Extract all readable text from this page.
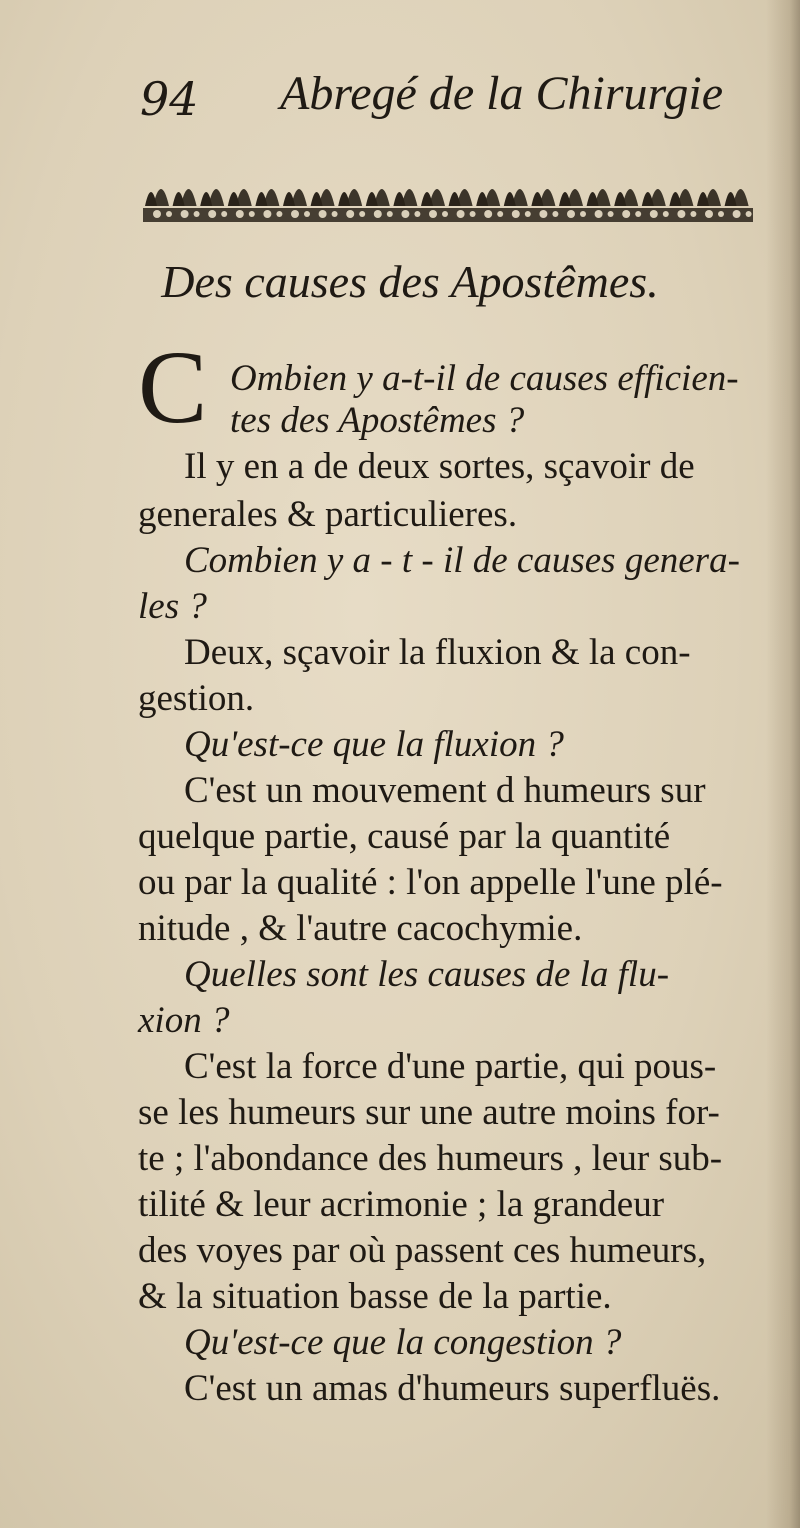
94 Abregé de la Chirurgie
Des causes des Apostêmes.
C Ombien y a-t-il de causes efficien-
tes des Apostêmes ?
Il y en a de deux sortes, sçavoir de
generales & particulieres.
Combien y a - t - il de causes genera-
les ?
Deux, sçavoir la fluxion & la con-
gestion.
Qu'est-ce que la fluxion ?
C'est un mouvement d humeurs sur
quelque partie, causé par la quantité
ou par la qualité : l'on appelle l'une plé-
nitude , & l'autre cacochymie.
Quelles sont les causes de la flu-
xion ?
C'est la force d'une partie, qui pous-
se les humeurs sur une autre moins for-
te ; l'abondance des humeurs , leur sub-
tilité & leur acrimonie ; la grandeur
des voyes par où passent ces humeurs,
& la situation basse de la partie.
Qu'est-ce que la congestion ?
C'est un amas d'humeurs superfluës.
